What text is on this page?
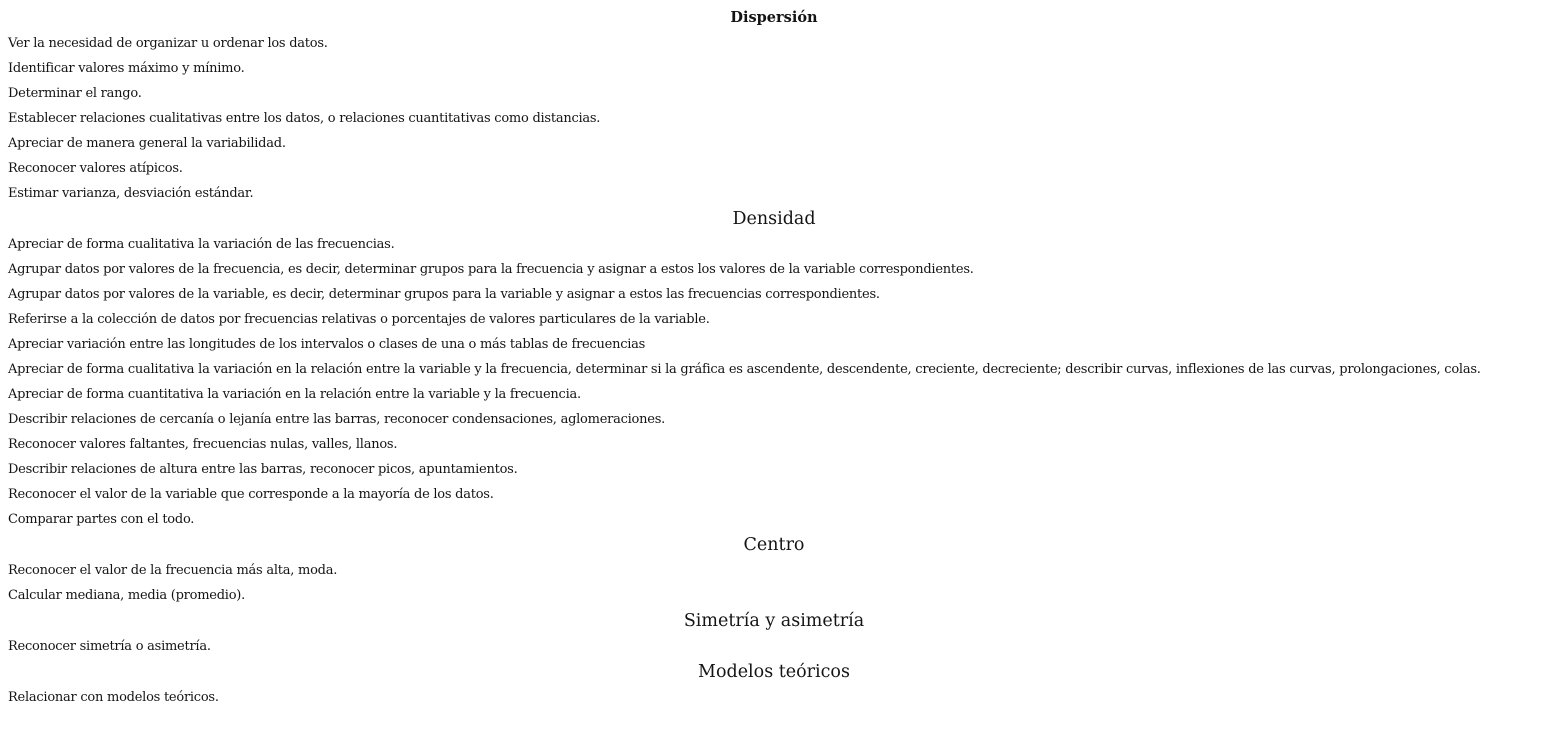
Dispersión
Ver la necesidad de organizar u ordenar los datos.
Identificar valores máximo y mínimo.
Determinar el rango.
Establecer relaciones cualitativas entre los datos, o relaciones cuantitativas como distancias.
Apreciar de manera general la variabilidad.
Reconocer valores atípicos.
Estimar varianza, desviación estándar.
Densidad
Apreciar de forma cualitativa la variación de las frecuencias.
Agrupar datos por valores de la frecuencia, es decir, determinar grupos para la frecuencia y asignar a estos los valores de la variable correspondientes.
Agrupar datos por valores de la variable, es decir, determinar grupos para la variable y asignar a estos las frecuencias correspondientes.
Referirse a la colección de datos por frecuencias relativas o porcentajes de valores particulares de la variable.
Apreciar variación entre las longitudes de los intervalos o clases de una o más tablas de frecuencias
Apreciar de forma cualitativa la variación en la relación entre la variable y la frecuencia, determinar si la gráfica es ascendente, descendente, creciente, decreciente; describir curvas, inflexiones de las curvas, prolongaciones, colas.
Apreciar de forma cuantitativa la variación en la relación entre la variable y la frecuencia.
Describir relaciones de cercanía o lejanía entre las barras, reconocer condensaciones, aglomeraciones.
Reconocer valores faltantes, frecuencias nulas, valles, llanos.
Describir relaciones de altura entre las barras, reconocer picos, apuntamientos.
Reconocer el valor de la variable que corresponde a la mayoría de los datos.
Comparar partes con el todo.
Centro
Reconocer el valor de la frecuencia más alta, moda.
Calcular mediana, media (promedio).
Simetría y asimetría
Reconocer simetría o asimetría.
Modelos teóricos
Relacionar con modelos teóricos.
